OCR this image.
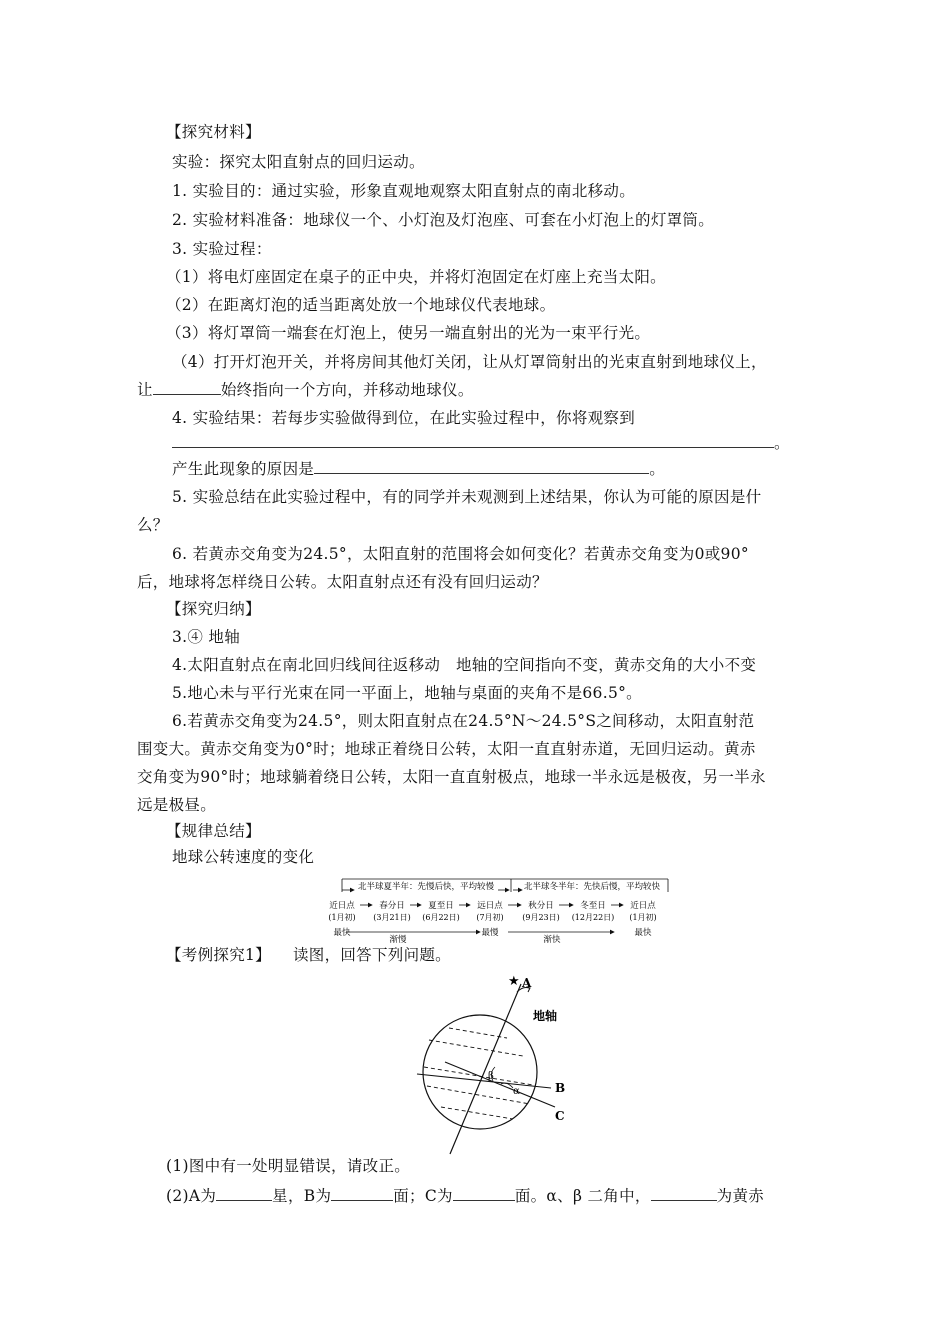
【探究材料】
实验：探究太阳直射点的回归运动。
1. 实验目的：通过实验，形象直观地观察太阳直射点的南北移动。
2. 实验材料准备：地球仪一个、小灯泡及灯泡座、可套在小灯泡上的灯罩筒。
3. 实验过程：
（1）将电灯座固定在桌子的正中央，并将灯泡固定在灯座上充当太阳。
（2）在距离灯泡的适当距离处放一个地球仪代表地球。
（3）将灯罩筒一端套在灯泡上，使另一端直射出的光为一束平行光。
（4）打开灯泡开关，并将房间其他灯关闭，让从灯罩筒射出的光束直射到地球仪上，
让	始终指向一个方向，并移动地球仪。
4. 实验结果：若每步实验做得到位，在此实验过程中，你将观察到
。
产生此现象的原因是	。
5. 实验总结在此实验过程中，有的同学并未观测到上述结果，你认为可能的原因是什
么？
6. 若黄赤交角变为24.5°，太阳直射的范围将会如何变化？若黄赤交角变为0或90°
后，地球将怎样绕日公转。太阳直射点还有没有回归运动？
【探究归纳】
3.④ 地轴
4.太阳直射点在南北回归线间往返移动　地轴的空间指向不变，黄赤交角的大小不变
5.地心未与平行光束在同一平面上，地轴与桌面的夹角不是66.5°。
6.若黄赤交角变为24.5°，则太阳直射点在24.5°N～24.5°S之间移动，太阳直射范
围变大。黄赤交角变为0°时；地球正着绕日公转，太阳一直直射赤道，无回归运动。黄赤
交角变为90°时；地球躺着绕日公转，太阳一直直射极点，地球一半永远是极夜，另一半永
远是极昼。
【规律总结】
地球公转速度的变化
北半球夏半年：先慢后快，平均较慢	北半球冬半年：先快后慢，平均较快
近日点
(1月初)
最快
春分日
(3月21日)
夏至日
(6月22日)
远日点
(7月初)
最慢
秋分日
(9月23日)
冬至日
(12月22日)
近日点
(1月初)
最快
渐慢	渐快
【考例探究1】 读图，回答下列问题。
★ A
地轴
β
α	B
C
(1)图中有一处明显错误，请改正。
(2)A为	星，B为	面；C为	面。α、β 二角中，	为黄赤
